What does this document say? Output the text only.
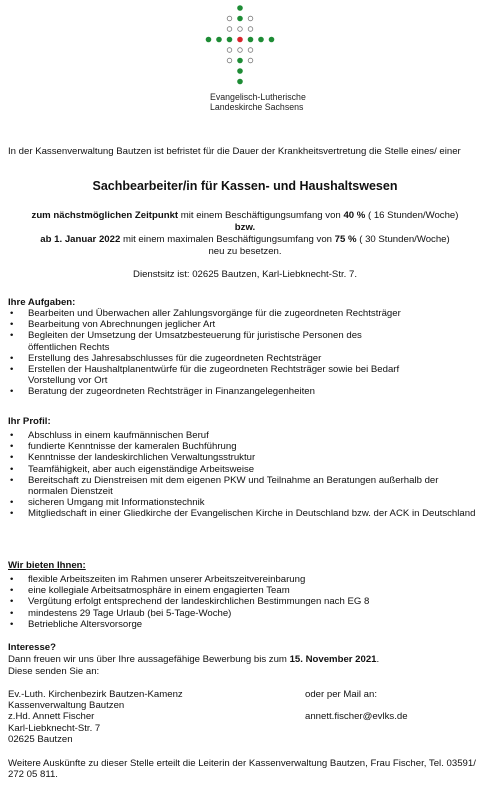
Evangelisch-Lutherische
Landeskirche Sachsens
In der Kassenverwaltung Bautzen ist befristet für die Dauer der Krankheitsvertretung die Stelle eines/ einer
Sachbearbeiter/in für Kassen- und Haushaltswesen
zum nächstmöglichen Zeitpunkt mit einem Beschäftigungsumfang von 40 % ( 16 Stunden/Woche)
bzw.
ab 1. Januar 2022 mit einem maximalen Beschäftigungsumfang von 75 % ( 30 Stunden/Woche)
neu zu besetzen.
Dienstsitz ist: 02625 Bautzen, Karl-Liebknecht-Str. 7.
Ihre Aufgaben:
• Bearbeiten und Überwachen aller Zahlungsvorgänge für die zugeordneten Rechtsträger
• Bearbeitung von Abrechnungen jeglicher Art
• Begleiten der Umsetzung der Umsatzbesteuerung für juristische Personen des öffentlichen Rechts
• Erstellung des Jahresabschlusses für die zugeordneten Rechtsträger
• Erstellen der Haushaltplanentwürfe für die zugeordneten Rechtsträger sowie bei Bedarf Vorstellung vor Ort
• Beratung der zugeordneten Rechtsträger in Finanzangelegenheiten
Ihr Profil:
• Abschluss in einem kaufmännischen Beruf
• fundierte Kenntnisse der kameralen Buchführung
• Kenntnisse der landeskirchlichen Verwaltungsstruktur
• Teamfähigkeit, aber auch eigenständige Arbeitsweise
• Bereitschaft zu Dienstreisen mit dem eigenen PKW und Teilnahme an Beratungen außerhalb der normalen Dienstzeit
• sicheren Umgang mit Informationstechnik
• Mitgliedschaft in einer Gliedkirche der Evangelischen Kirche in Deutschland bzw. der ACK in Deutschland
Wir bieten Ihnen:
• flexible Arbeitszeiten im Rahmen unserer Arbeitszeitvereinbarung
• eine kollegiale Arbeitsatmosphäre in einem engagierten Team
• Vergütung erfolgt entsprechend der landeskirchlichen Bestimmungen nach EG 8
• mindestens 29 Tage Urlaub (bei 5-Tage-Woche)
• Betriebliche Altersvorsorge
Interesse?
Dann freuen wir uns über Ihre aussagefähige Bewerbung bis zum 15. November 2021.
Diese senden Sie an:
Ev.-Luth. Kirchenbezirk Bautzen-Kamenz
Kassenverwaltung Bautzen
z.Hd. Annett Fischer
Karl-Liebknecht-Str. 7
02625 Bautzen
oder per Mail an:
annett.fischer@evlks.de
Weitere Auskünfte zu dieser Stelle erteilt die Leiterin der Kassenverwaltung Bautzen, Frau Fischer, Tel. 03591/ 272 05 811.
